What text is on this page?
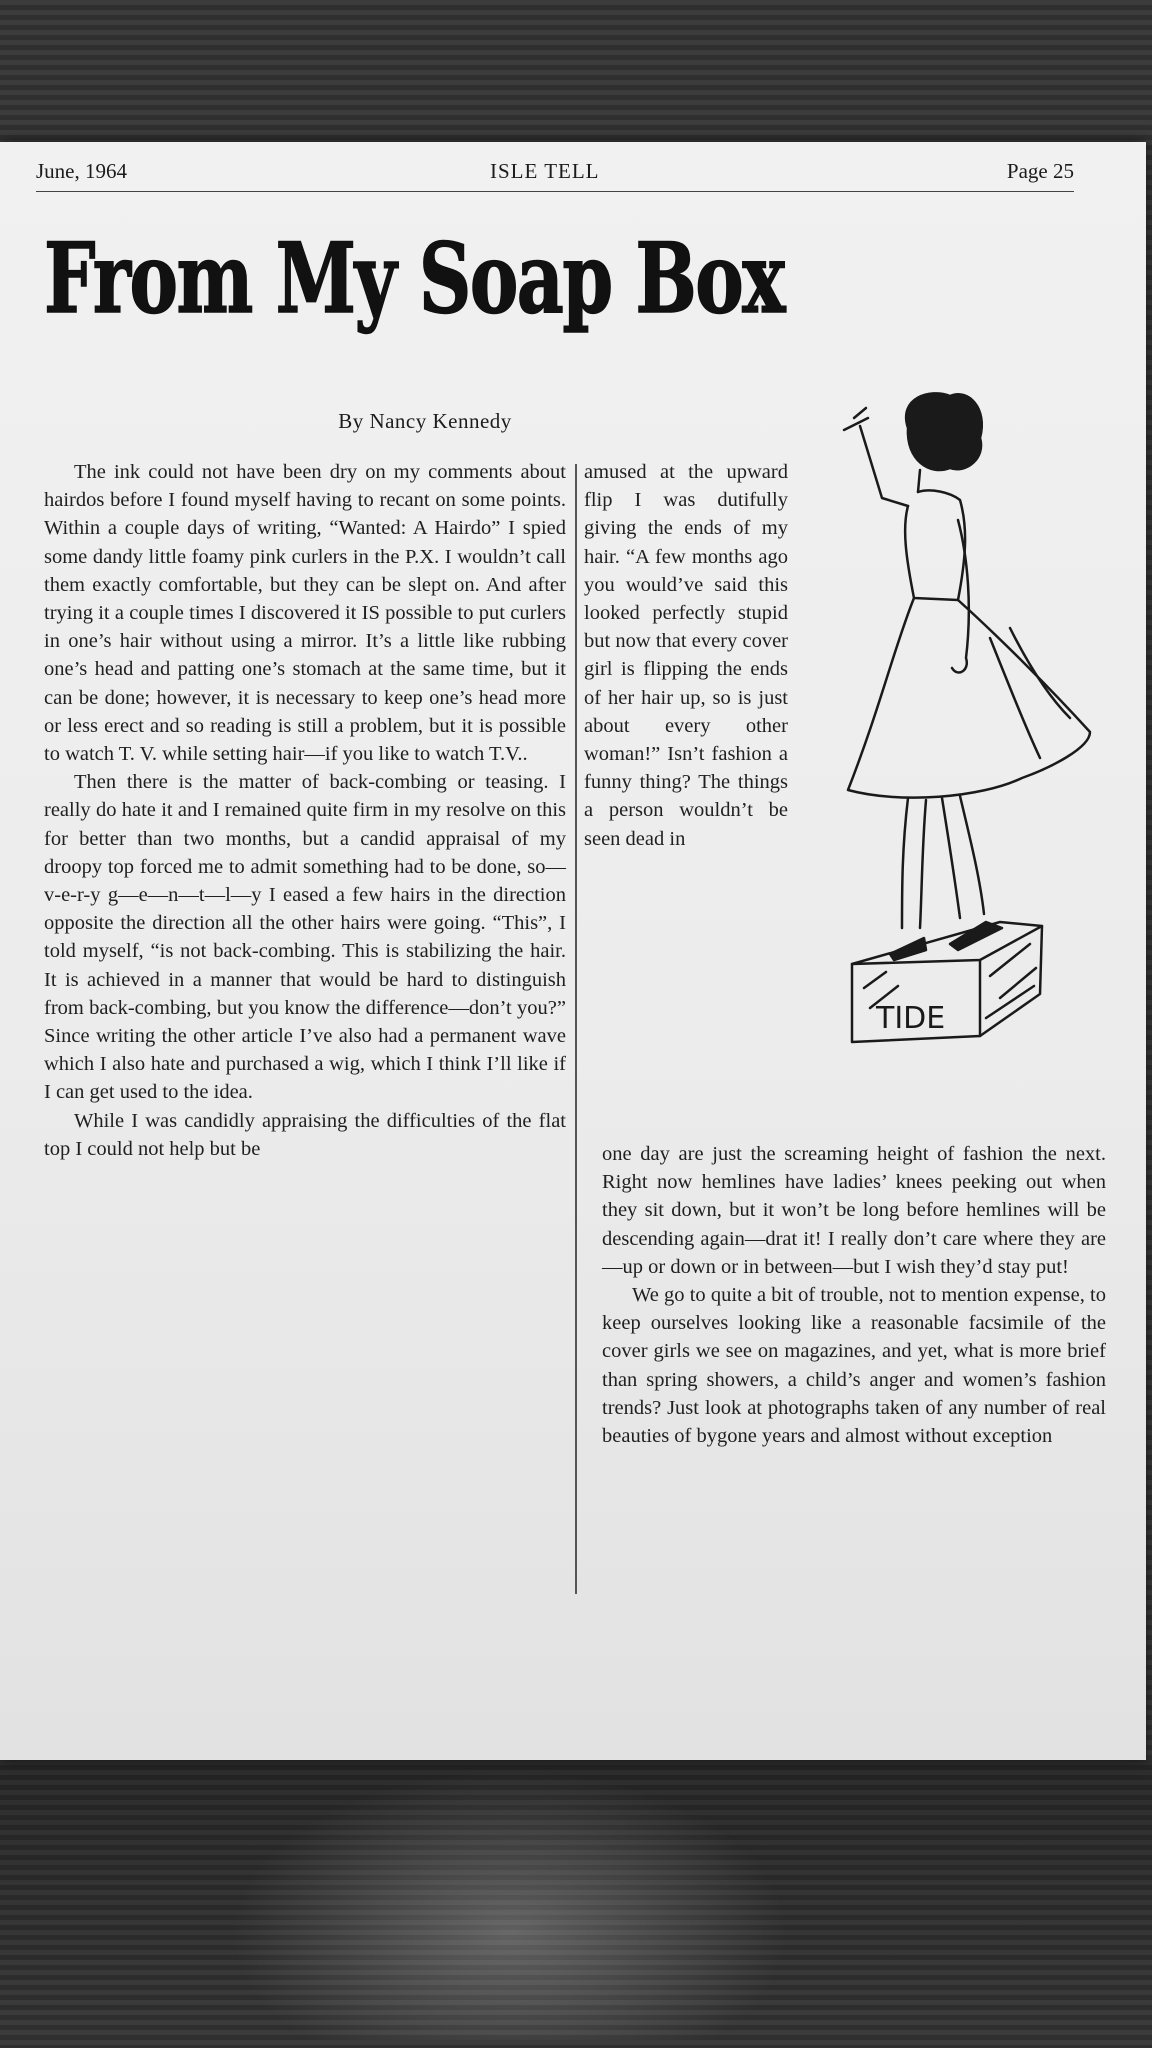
June, 1964	ISLE TELL	Page 25
From My Soap Box
By Nancy Kennedy

The ink could not have been dry on my comments about hairdos before I found myself having to recant on some points. Within a couple days of writing, “Wanted: A Hairdo” I spied some dandy little foamy pink curlers in the P.X. I wouldn’t call them exactly comfortable, but they can be slept on. And after trying it a couple times I discovered it IS possible to put curlers in one’s hair without using a mirror. It’s a little like rubbing one’s head and patting one’s stomach at the same time, but it can be done; however, it is necessary to keep one’s head more or less erect and so reading is still a problem, but it is possible to watch T. V. while setting hair—if you like to watch T.V..

Then there is the matter of back-combing or teasing. I really do hate it and I remained quite firm in my resolve on this for better than two months, but a candid appraisal of my droopy top forced me to admit something had to be done, so—v-e-r-y g—e—n—t—l—y I eased a few hairs in the direction opposite the direction all the other hairs were going. “This”, I told myself, “is not back-combing. This is stabilizing the hair. It is achieved in a manner that would be hard to distinguish from back-combing, but you know the difference—don’t you?” Since writing the other article I’ve also had a permanent wave which I also hate and purchased a wig, which I think I’ll like if I can get used to the idea.

While I was candidly appraising the difficulties of the flat top I could not help but be

amused at the upward flip I was dutifully giving the ends of my hair. “A few months ago you would’ve said this looked perfectly stupid but now that every cover girl is flipping the ends of her hair up, so is just about every other woman!” Isn’t fashion a funny thing? The things a person wouldn’t be seen dead in

one day are just the screaming height of fashion the next. Right now hemlines have ladies’ knees peeking out when they sit down, but it won’t be long before hemlines will be descending again—drat it! I really don’t care where they are—up or down or in between—but I wish they’d stay put!

We go to quite a bit of trouble, not to mention expense, to keep ourselves looking like a reasonable facsimile of the cover girls we see on magazines, and yet, what is more brief than spring showers, a child’s anger and women’s fashion trends? Just look at photographs taken of any number of real beauties of bygone years and almost without exception

TIDE
